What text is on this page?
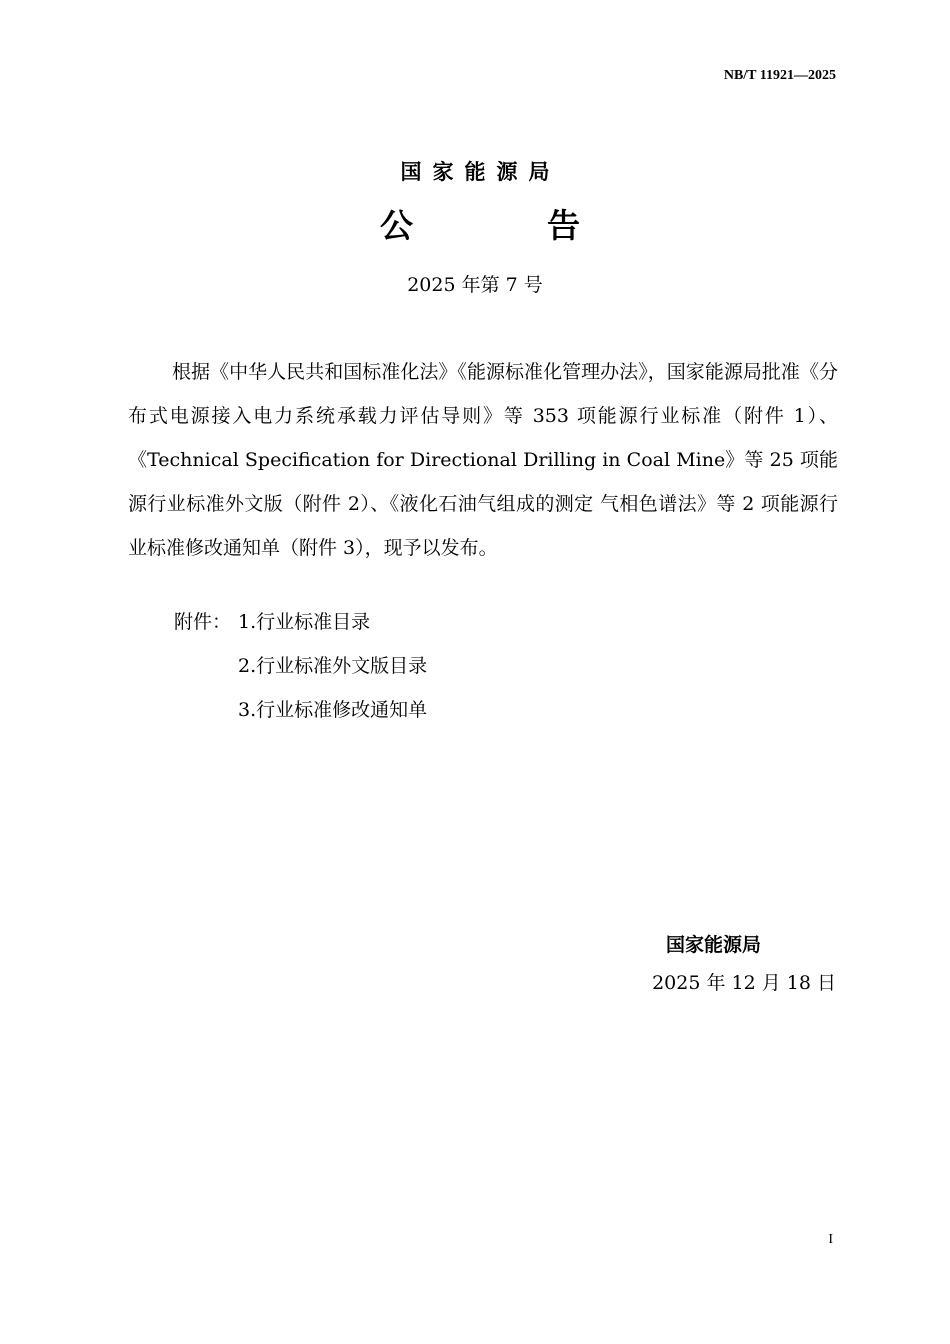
NB/T 11921—2025
国家能源局
公	告
2025 年第 7 号
根据《中华人民共和国标准化法》《能源标准化管理办法》，国家能源局批准《分布式电源接入电力系统承载力评估导则》等 353 项能源行业标准（附件 1）、《Technical Specification for Directional Drilling in Coal Mine》等 25 项能源行业标准外文版（附件 2）、《液化石油气组成的测定 气相色谱法》等 2 项能源行业标准修改通知单（附件 3），现予以发布。
附件： 1.行业标准目录
2.行业标准外文版目录
3.行业标准修改通知单
国家能源局
2025 年 12 月 18 日
I
